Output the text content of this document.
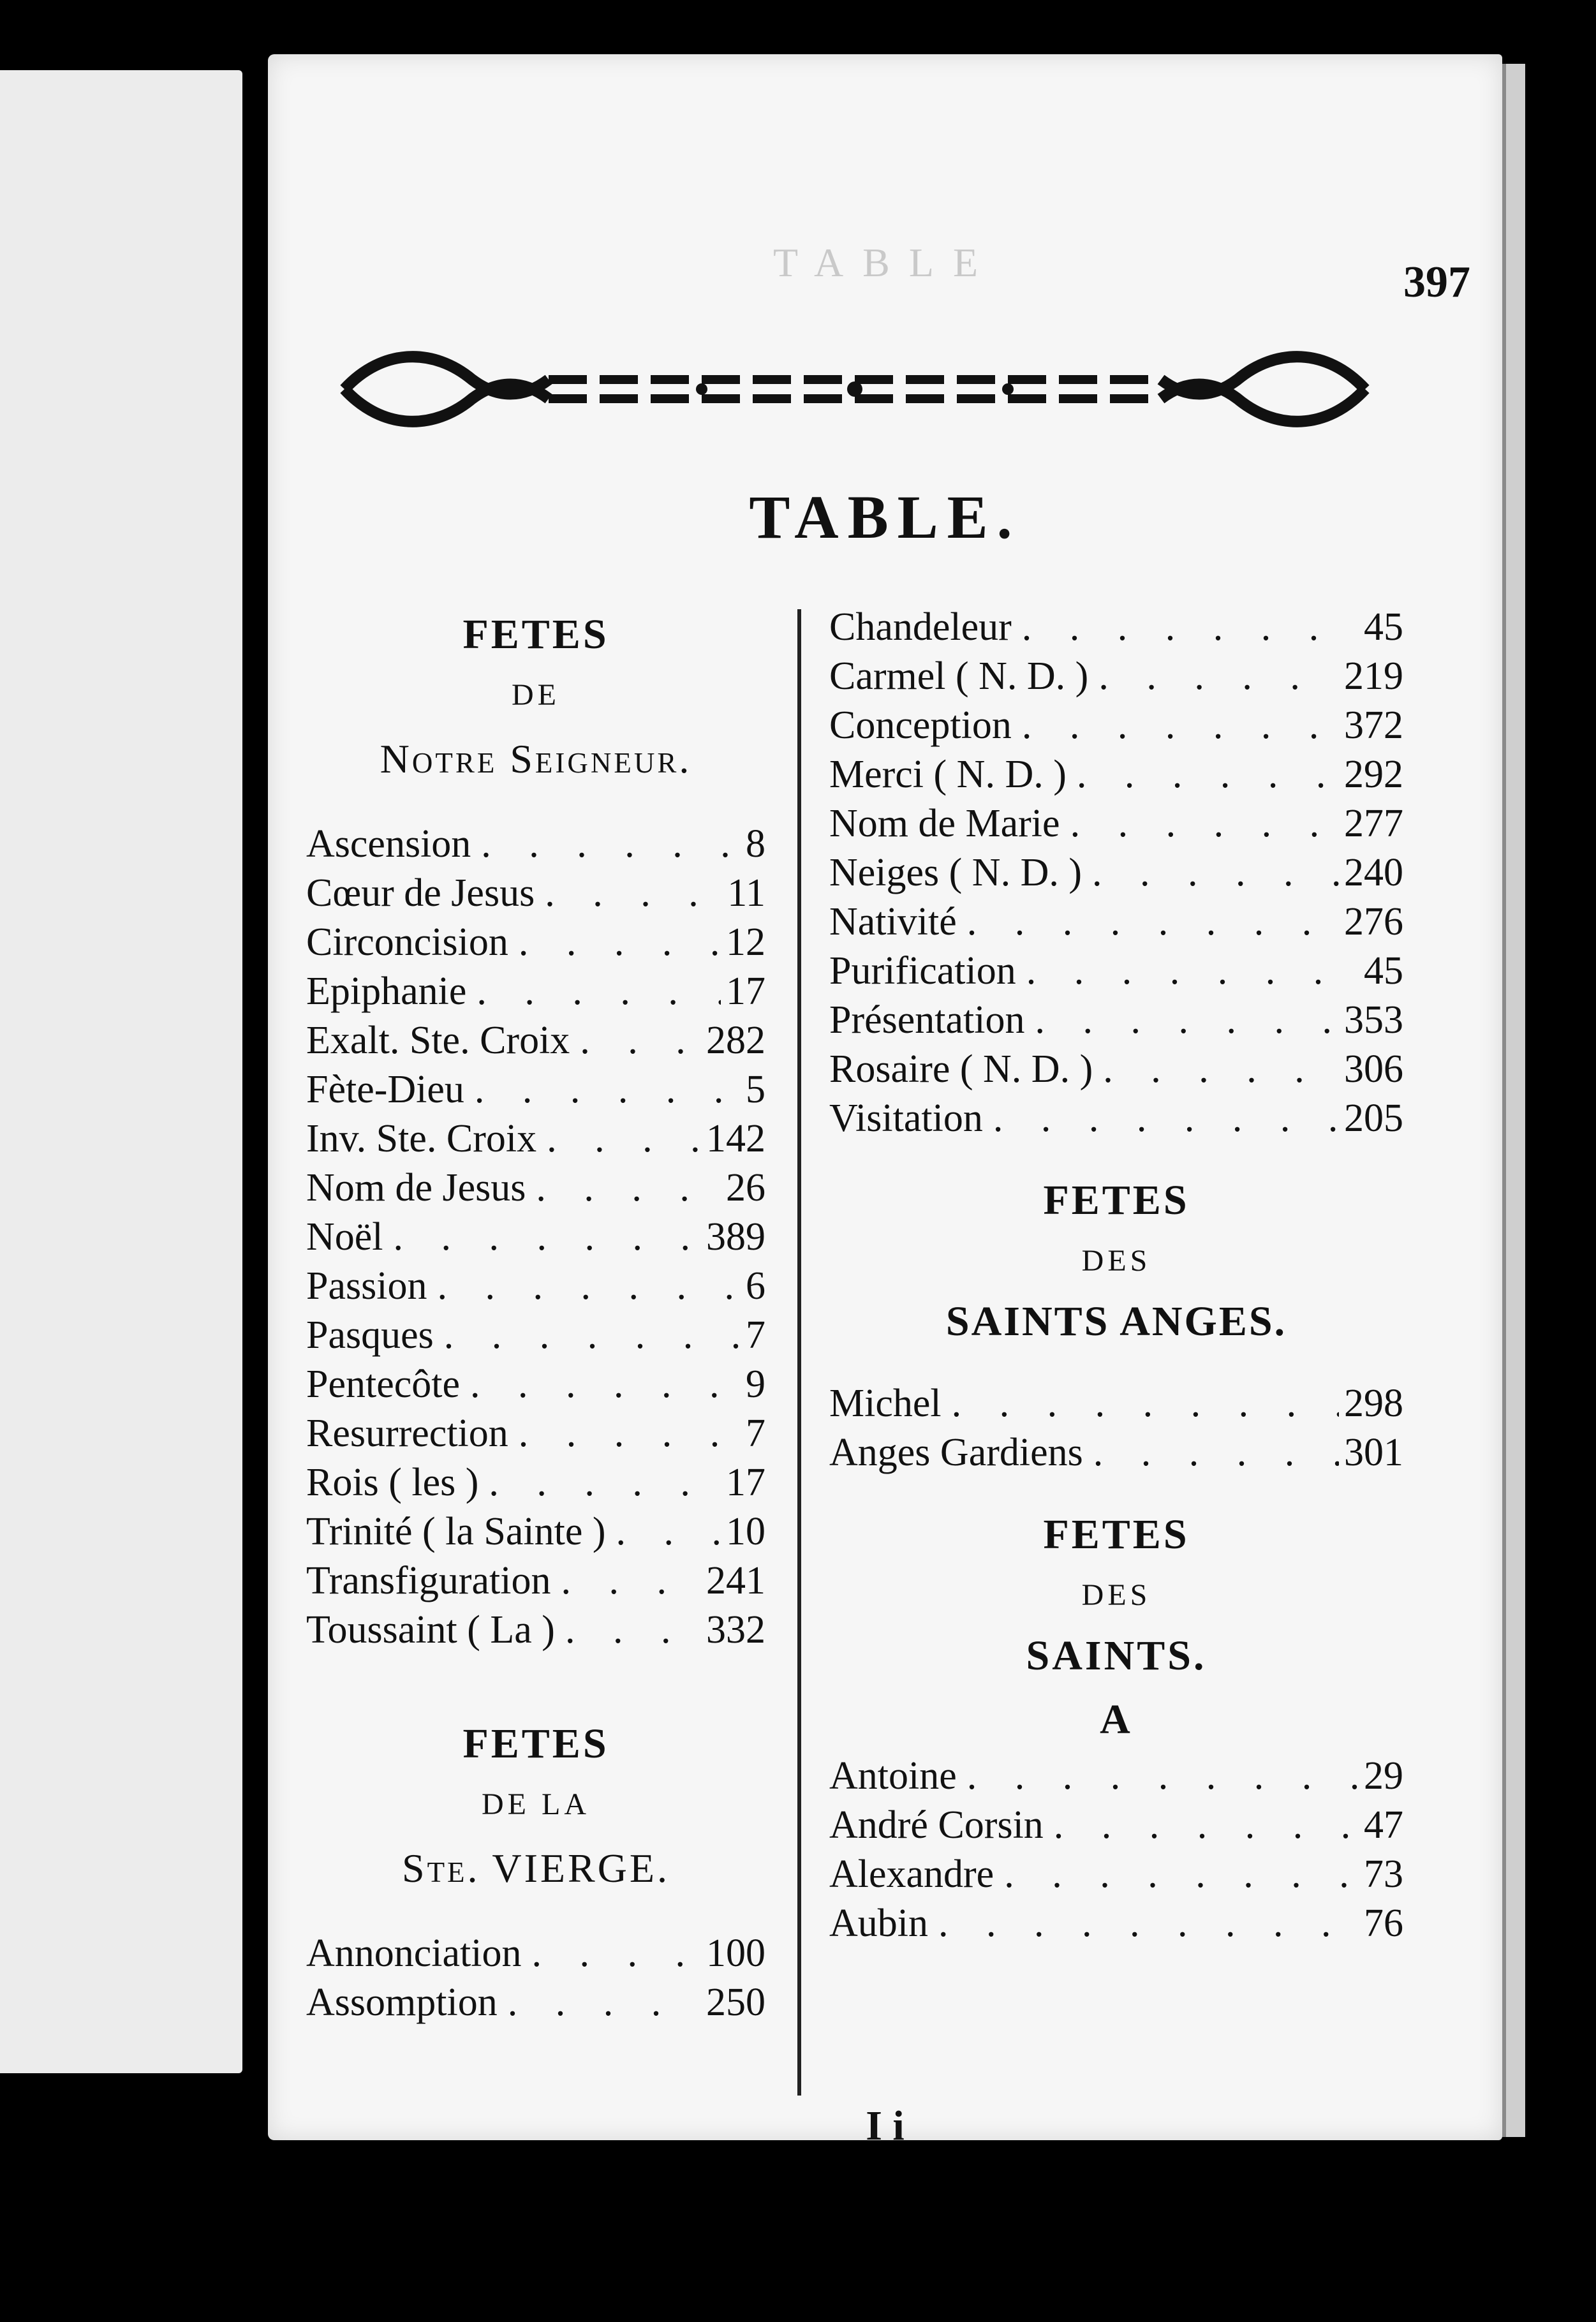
TABLE	397
TABLE.
FETES
DE
Notre Seigneur.
Ascension . . .	8
Cœur de Jesus . . .	11
Circoncision . . .	12
Epiphanie . . .	17
Exalt. Ste. Croix . . .	282
Fète-Dieu . . .	5
Inv. Ste. Croix . . .	142
Nom de Jesus . . .	26
Noël . . .	389
Passion . . .	6
Pasques . . .	7
Pentecôte . . .	9
Resurrection . . .	7
Rois ( les ) . . .	17
Trinité ( la Sainte ) . . .	10
Transfiguration . . .	241
Toussaint ( La ) . . .	332
FETES
DE LA
Ste. VIERGE.
Annonciation . . .	100
Assomption . . .	250
Chandeleur . . .	45
Carmel ( N. D. ) . . .	219
Conception . . .	372
Merci ( N. D. ) . . .	292
Nom de Marie . . .	277
Neiges ( N. D. ) . . .	240
Nativité . . .	276
Purification . . .	45
Présentation . . .	353
Rosaire ( N. D. ) . . .	306
Visitation . . .	205
FETES
DES
SAINTS ANGES.
Michel . . .	298
Anges Gardiens . . .	301
FETES
DES
SAINTS.
A
Antoine . . .	29
André Corsin . . .	47
Alexandre . . .	73
Aubin . . .	76
I i
